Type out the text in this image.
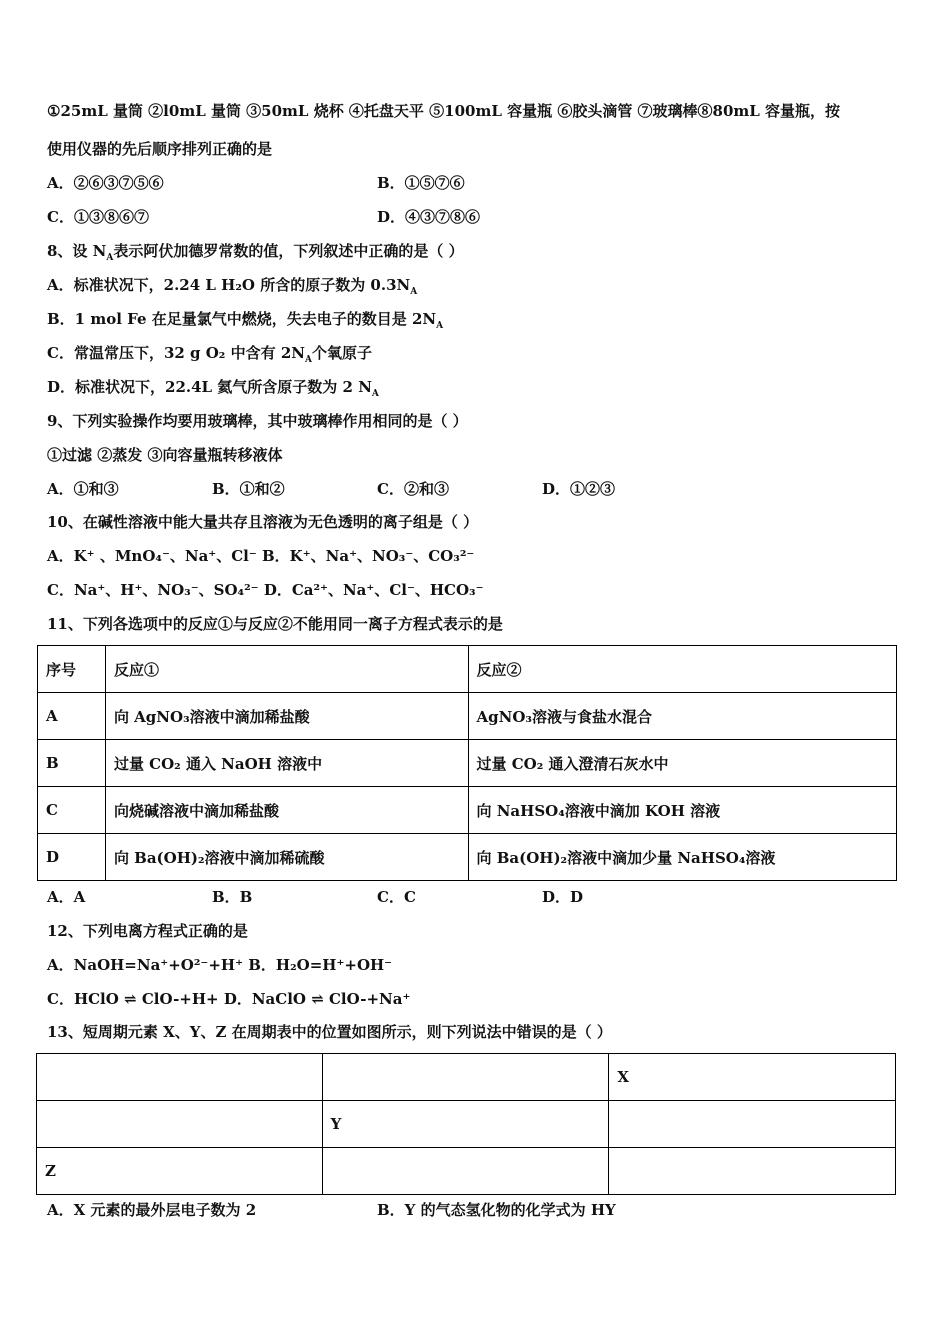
①25mL 量筒 ②l0mL 量筒 ③50mL 烧杯 ④托盘天平 ⑤100mL 容量瓶 ⑥胶头滴管 ⑦玻璃棒⑧80mL 容量瓶，按
使用仪器的先后顺序排列正确的是
A．②⑥③⑦⑤⑥	B．①⑤⑦⑥
C．①③⑧⑥⑦	D．④③⑦⑧⑥
8、设 $N_A$表示阿伏加德罗常数的值，下列叙述中正确的是（ ）
A．标准状况下，2.24 L H₂O 所含的原子数为 $0.3N_A$
B．1 mol Fe 在足量氯气中燃烧，失去电子的数目是 $2N_A$
C．常温常压下，32 g O₂ 中含有 $2N_A$个氧原子
D．标准状况下，22.4L 氦气所含原子数为 2 $N_A$
9、下列实验操作均要用玻璃棒，其中玻璃棒作用相同的是（ ）
①过滤 ②蒸发 ③向容量瓶转移液体
A．①和③	B．①和②	C．②和③	D．①②③
10、在碱性溶液中能大量共存且溶液为无色透明的离子组是（ ）
A．K⁺ 、MnO₄⁻、Na⁺、Cl⁻ B．K⁺、Na⁺、NO₃⁻、CO₃²⁻
C．Na⁺、H⁺、NO₃⁻、SO₄²⁻ D．Ca²⁺、Na⁺、Cl⁻、HCO₃⁻
11、下列各选项中的反应①与反应②不能用同一离子方程式表示的是
序号	反应①	反应②
A	向 AgNO₃溶液中滴加稀盐酸	AgNO₃溶液与食盐水混合
B	过量 CO₂ 通入 NaOH 溶液中	过量 CO₂ 通入澄清石灰水中
C	向烧碱溶液中滴加稀盐酸	向 NaHSO₄溶液中滴加 KOH 溶液
D	向 Ba(OH)₂溶液中滴加稀硫酸	向 Ba(OH)₂溶液中滴加少量 NaHSO₄溶液
A．A	B．B	C．C	D．D
12、下列电离方程式正确的是
A．NaOH=Na⁺+O²⁻+H⁺ B．H₂O=H⁺+OH⁻
C．HClO ⇌ ClO-+H+ D．NaClO ⇌ ClO-+Na⁺
13、短周期元素 X、Y、Z 在周期表中的位置如图所示，则下列说法中错误的是（ ）
		X
	Y	
Z		
A．X 元素的最外层电子数为 2	B．Y 的气态氢化物的化学式为 HY
